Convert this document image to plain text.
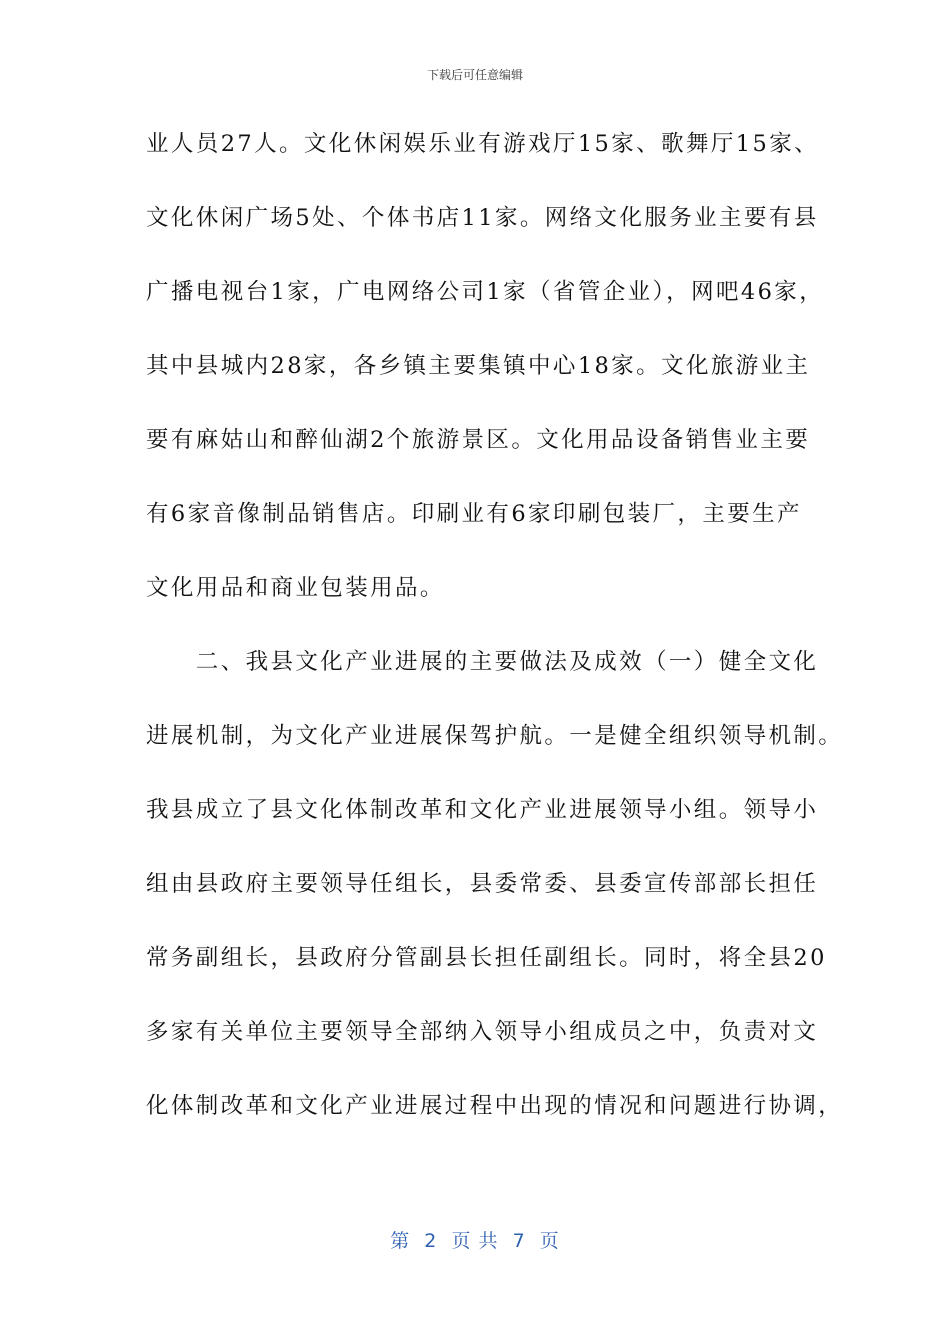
下载后可任意编辑
业人员27人。文化休闲娱乐业有游戏厅15家、歌舞厅15家、
文化休闲广场5处、个体书店11家。网络文化服务业主要有县
广播电视台1家，广电网络公司1家（省管企业），网吧46家，
其中县城内28家，各乡镇主要集镇中心18家。文化旅游业主
要有麻姑山和醉仙湖2个旅游景区。文化用品设备销售业主要
有6家音像制品销售店。印刷业有6家印刷包装厂，主要生产
文化用品和商业包装用品。
　　二、我县文化产业进展的主要做法及成效（一）健全文化
进展机制，为文化产业进展保驾护航。一是健全组织领导机制。
我县成立了县文化体制改革和文化产业进展领导小组。领导小
组由县政府主要领导任组长，县委常委、县委宣传部部长担任
常务副组长，县政府分管副县长担任副组长。同时，将全县20
多家有关单位主要领导全部纳入领导小组成员之中，负责对文
化体制改革和文化产业进展过程中出现的情况和问题进行协调，
第  2  页 共  7  页
